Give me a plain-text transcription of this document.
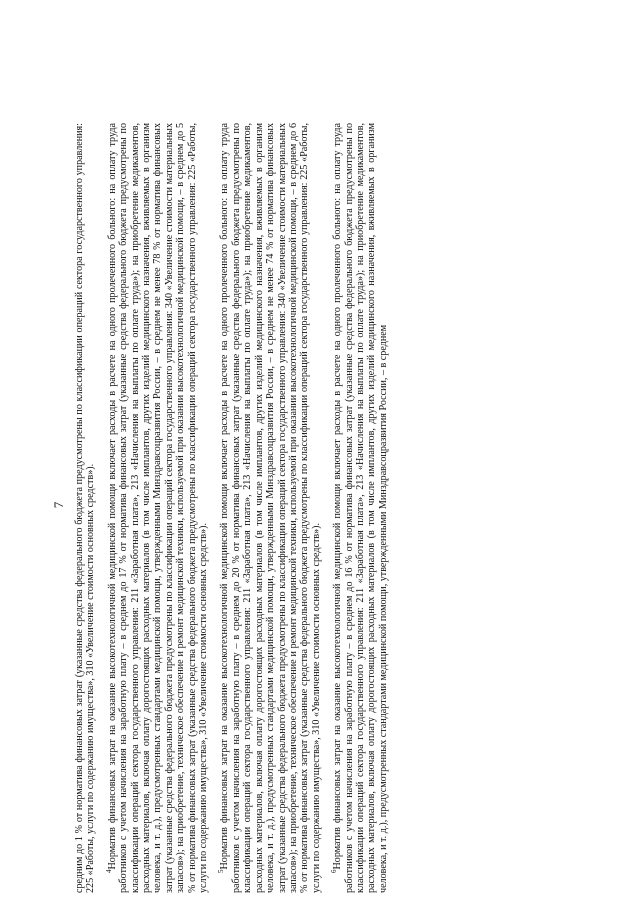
7 средним до 1 % от норматива финансовых затрат (указанные средства федерального бюджета предусмотрены по классификации операций сектора государственного управления: 225 «Работы, услуги по содержанию имущества», 310 «Увеличение стоимости основных средств»). $^4$Норматив финансовых затрат на оказание высокотехнологичной медицинской помощи включает расходы в расчете на одного пролеченного больного: на оплату труда работников с учетом начисления на заработную плату – в среднем до 17 % от норматива финансовых затрат (указанные средства федерального бюджета предусмотрены по классификации операций сектора государственного управления: 211 «Заработная плата», 213 «Начисления на выплаты по оплате труда»); на приобретение медикаментов, расходных материалов, включая оплату дорогостоящих расходных материалов (в том числе имплантов, других изделий медицинского назначения, вживляемых в организм человека, и т. д.), предусмотренных стандартами медицинской помощи, утвержденными Минздравсоцразвития России, – в среднем не менее 78 % от норматива финансовых затрат (указанные средства федерального бюджета предусмотрены по классификации операций сектора государственного управления: 340 «Увеличение стоимости материальных запасов»); на приобретение, техническое обеспечение и ремонт медицинской техники, используемой при оказании высокотехнологичной медицинской помощи, – в среднем до 5 % от норматива финансовых затрат (указанные средства федерального бюджета предусмотрены по классификации операций сектора государственного управления: 225 «Работы, услуги по содержанию имущества», 310 «Увеличение стоимости основных средств»). $^5$Норматив финансовых затрат на оказание высокотехнологичной медицинской помощи включает расходы в расчете на одного пролеченного больного: на оплату труда работников с учетом начисления на заработную плату – в среднем до 20 % от норматива финансовых затрат (указанные средства федерального бюджета предусмотрены по классификации операций сектора государственного управления: 211 «Заработная плата», 213 «Начисления на выплаты по оплате труда»); на приобретение медикаментов, расходных материалов, включая оплату дорогостоящих расходных материалов (в том числе имплантов, других изделий медицинского назначения, вживляемых в организм человека, и т. д.), предусмотренных стандартами медицинской помощи, утвержденными Минздравсоцразвития России, – в среднем не менее 74 % от норматива финансовых затрат (указанные средства федерального бюджета предусмотрены по классификации операций сектора государственного управления: 340 «Увеличение стоимости материальных запасов»); на приобретение, техническое обеспечение и ремонт медицинской техники, используемой при оказании высокотехнологичной медицинской помощи, – в среднем до 6 % от норматива финансовых затрат (указанные средства федерального бюджета предусмотрены по классификации операций сектора государственного управления: 225 «Работы, услуги по содержанию имущества», 310 «Увеличение стоимости основных средств»). $^6$Норматив финансовых затрат на оказание высокотехнологичной медицинской помощи включает расходы в расчете на одного пролеченного больного: на оплату труда работников с учетом начисления на заработную плату – в среднем до 16 % от норматива финансовых затрат (указанные средства федерального бюджета предусмотрены по классификации операций сектора государственного управления: 211 «Заработная плата», 213 «Начисления на выплаты по оплате труда»); на приобретение медикаментов, расходных материалов, включая оплату дорогостоящих расходных материалов (в том числе имплантов, других изделий медицинского назначения, вживляемых в организм человека, и т. д.), предусмотренных стандартами медицинской помощи, утвержденными Минздравсоцразвития России, – в среднем
